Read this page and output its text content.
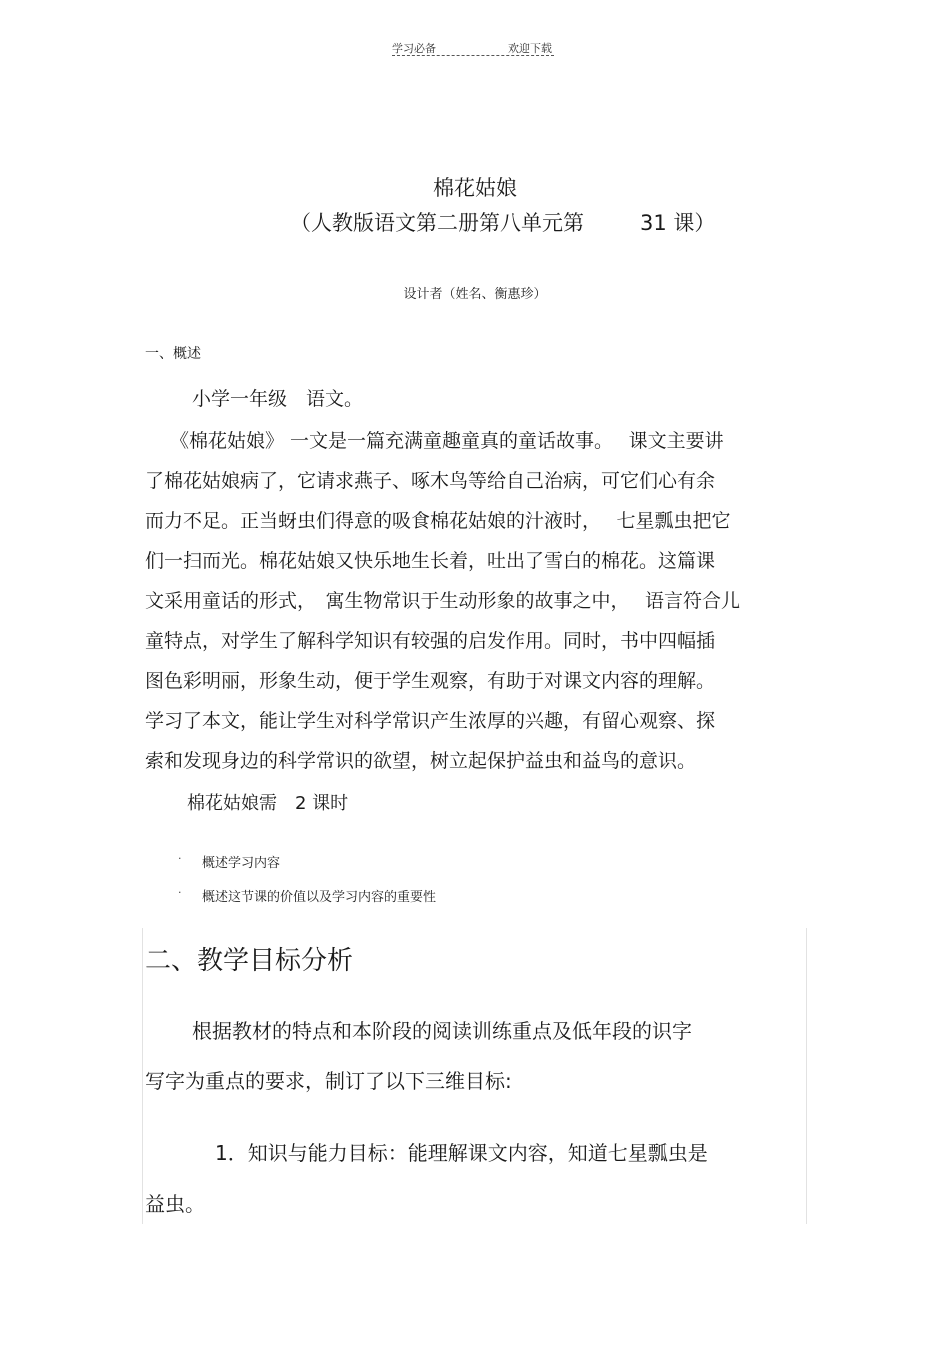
学习必备	欢迎下载
棉花姑娘
（人教版语文第二册第八单元第	31 课）
设计者（姓名、衡惠珍）
一、概述
小学一年级　语文。
《棉花姑娘》 一文是一篇充满童趣童真的童话故事。　 课文主要讲
了棉花姑娘病了，它请求燕子、啄木鸟等给自己治病，可它们心有余
而力不足。正当蚜虫们得意的吸食棉花姑娘的汁液时，　 七星瓢虫把它
们一扫而光。棉花姑娘又快乐地生长着，吐出了雪白的棉花。这篇课
文采用童话的形式，　寓生物常识于生动形象的故事之中，　 语言符合儿
童特点，对学生了解科学知识有较强的启发作用。同时，书中四幅插
图色彩明丽，形象生动，便于学生观察，有助于对课文内容的理解。
学习了本文，能让学生对科学常识产生浓厚的兴趣，有留心观察、探
索和发现身边的科学常识的欲望，树立起保护益虫和益鸟的意识。
棉花姑娘需　2 课时
· 概述学习内容
· 概述这节课的价值以及学习内容的重要性
二、教学目标分析
根据教材的特点和本阶段的阅读训练重点及低年段的识字
写字为重点的要求，制订了以下三维目标:
1．知识与能力目标：能理解课文内容，知道七星瓢虫是
益虫。
